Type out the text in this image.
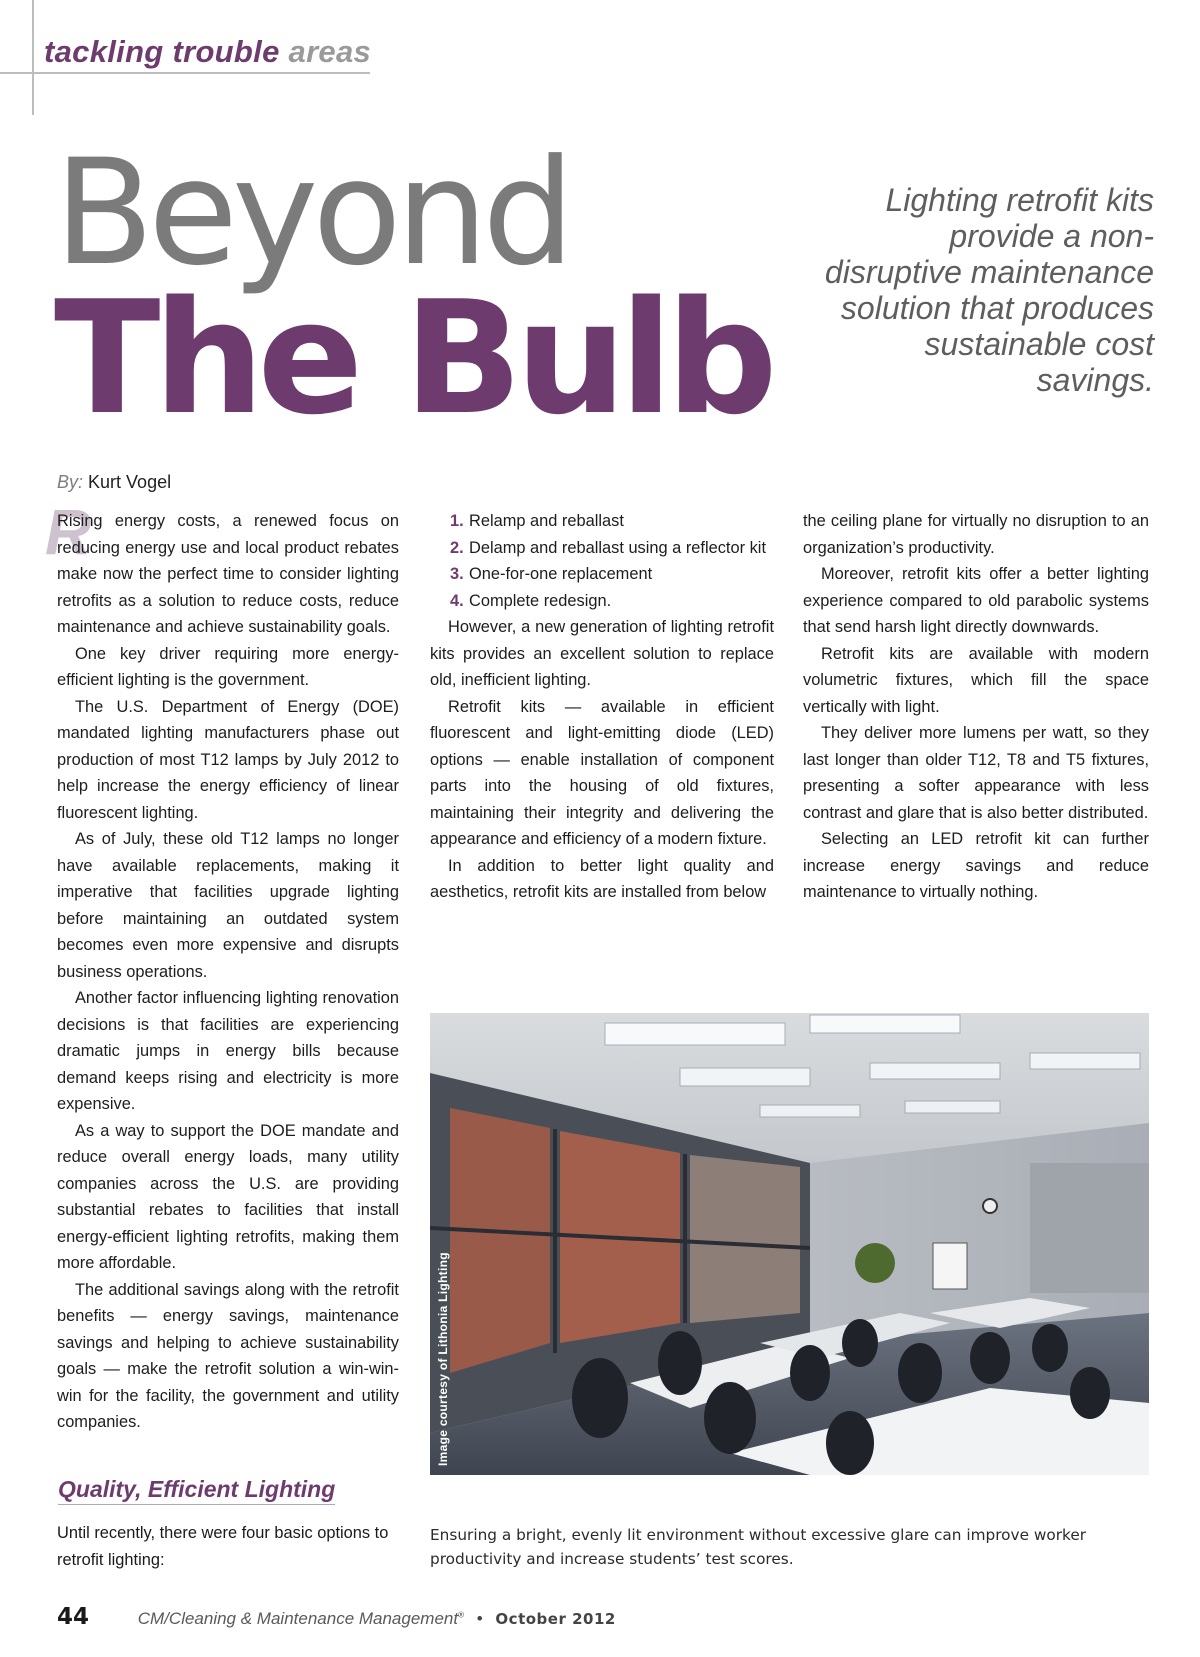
tackling trouble areas
Beyond
The Bulb

Lighting retrofit kits provide a non-disruptive maintenance solution that produces sustainable cost savings.

By: Kurt Vogel
R

Rising energy costs, a renewed focus on reducing energy use and local product rebates make now the perfect time to consider lighting retrofits as a solution to reduce costs, reduce maintenance and achieve sustainability goals.

One key driver requiring more energy-efficient lighting is the government.

The U.S. Department of Energy (DOE) mandated lighting manufacturers phase out production of most T12 lamps by July 2012 to help increase the energy efficiency of linear fluorescent lighting.

As of July, these old T12 lamps no longer have available replacements, making it imperative that facilities upgrade lighting before maintaining an outdated system becomes even more expensive and disrupts business operations.

Another factor influencing lighting renovation decisions is that facilities are experiencing dramatic jumps in energy bills because demand keeps rising and electricity is more expensive.

As a way to support the DOE mandate and reduce overall energy loads, many utility companies across the U.S. are providing substantial rebates to facilities that install energy-efficient lighting retrofits, making them more affordable.

The additional savings along with the retrofit benefits — energy savings, maintenance savings and helping to achieve sustainability goals — make the retrofit solution a win-win-win for the facility, the government and utility companies.

Quality, Efficient Lighting

Until recently, there were four basic options to retrofit lighting:

1. Relamp and reballast
2. Delamp and reballast using a reflector kit
3. One-for-one replacement
4. Complete redesign.

However, a new generation of lighting retrofit kits provides an excellent solution to replace old, inefficient lighting.

Retrofit kits — available in efficient fluorescent and light-emitting diode (LED) options — enable installation of component parts into the housing of old fixtures, maintaining their integrity and delivering the appearance and efficiency of a modern fixture.

In addition to better light quality and aesthetics, retrofit kits are installed from below

the ceiling plane for virtually no disruption to an organization’s productivity.

Moreover, retrofit kits offer a better lighting experience compared to old parabolic systems that send harsh light directly downwards.

Retrofit kits are available with modern volumetric fixtures, which fill the space vertically with light.

They deliver more lumens per watt, so they last longer than older T12, T8 and T5 fixtures, presenting a softer appearance with less contrast and glare that is also better distributed.

Selecting an LED retrofit kit can further increase energy savings and reduce maintenance to virtually nothing.

Image courtesy of Lithonia Lighting

Ensuring a bright, evenly lit environment without excessive glare can improve worker productivity and increase students’ test scores.

44	CM/Cleaning & Maintenance Management® • October 2012
